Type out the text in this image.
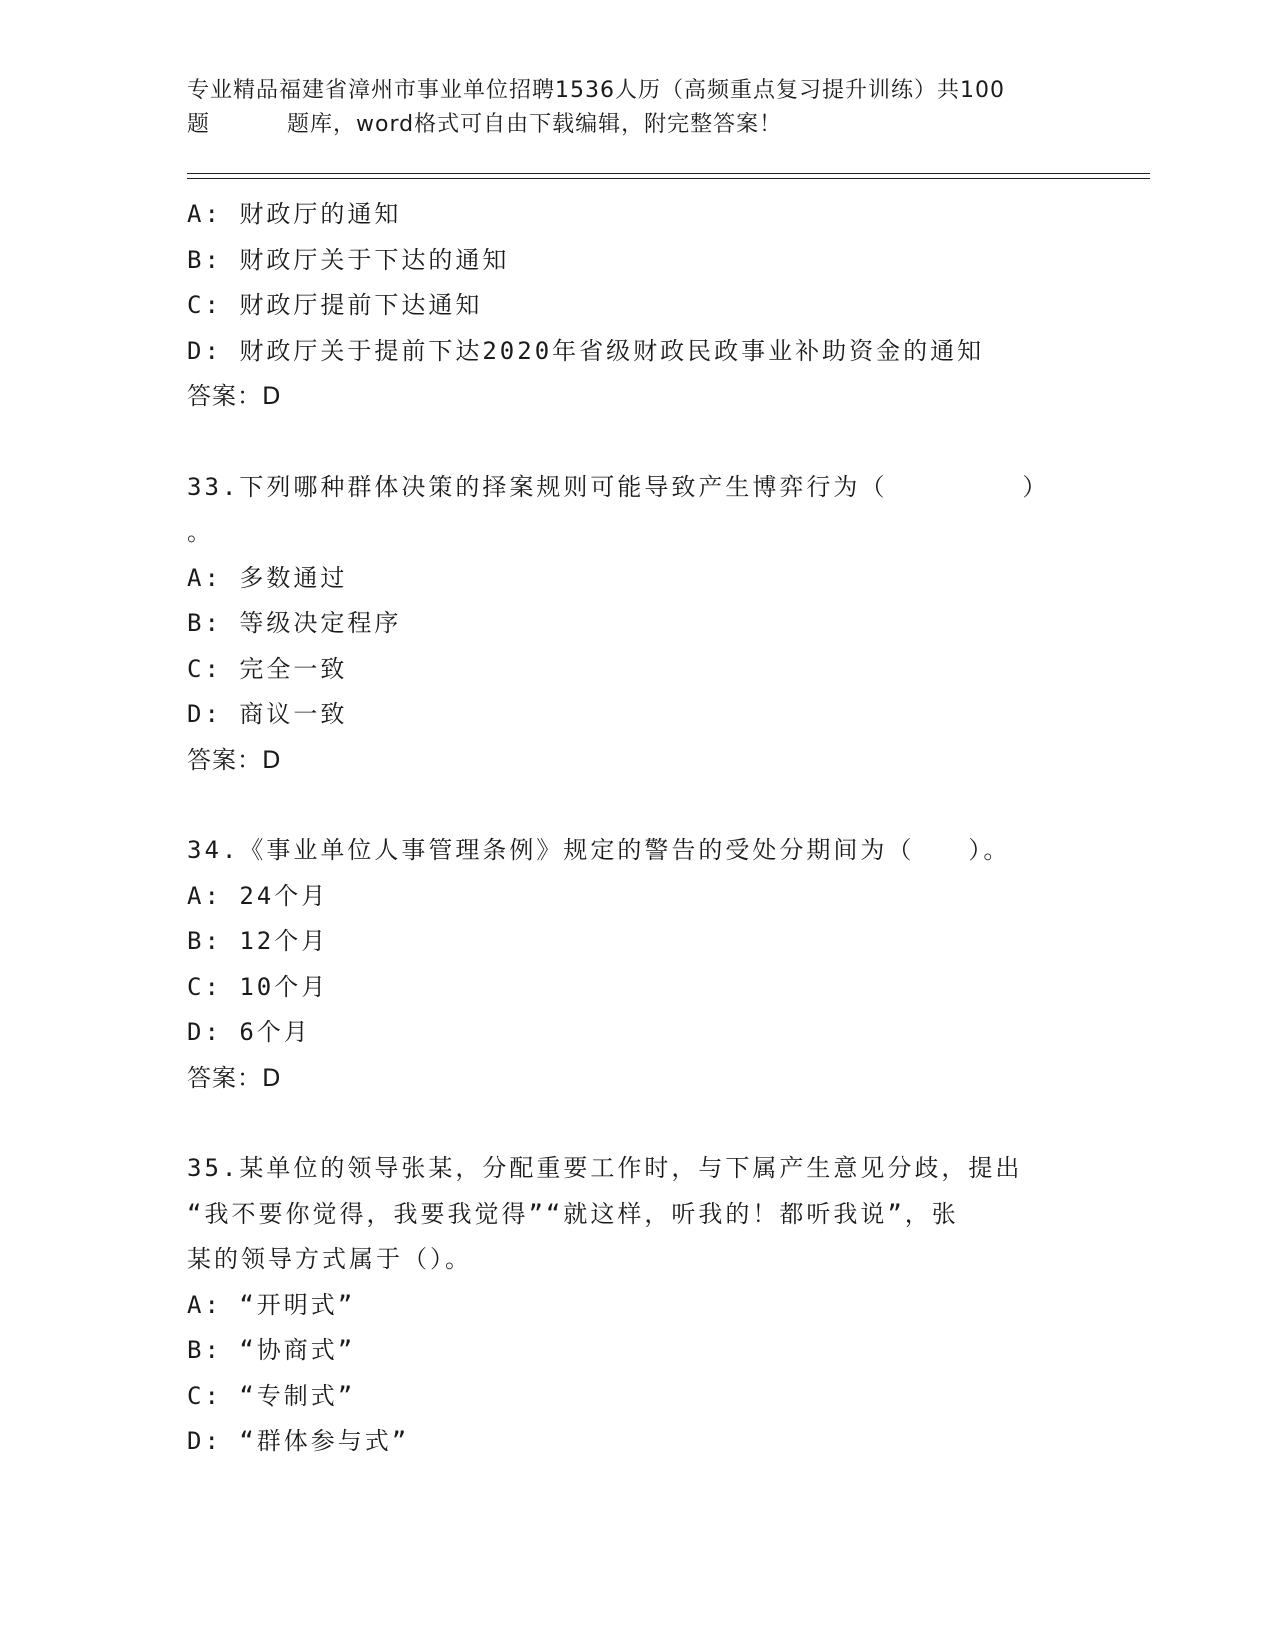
专业精品福建省漳州市事业单位招聘1536人历（高频重点复习提升训练）共100
题	题库，word格式可自由下载编辑，附完整答案！
A: 财政厅的通知
B: 财政厅关于下达的通知
C: 财政厅提前下达通知
D: 财政厅关于提前下达2020年省级财政民政事业补助资金的通知
答案：D
33.下列哪种群体决策的择案规则可能导致产生博弈行为（　　　　　）
。
A: 多数通过
B: 等级决定程序
C: 完全一致
D: 商议一致
答案：D
34.《事业单位人事管理条例》规定的警告的受处分期间为（　　）。
A: 24个月
B: 12个月
C: 10个月
D: 6个月
答案：D
35.某单位的领导张某，分配重要工作时，与下属产生意见分歧，提出
“我不要你觉得，我要我觉得”“就这样，听我的！都听我说”，张
某的领导方式属于（）。
A: “开明式”
B: “协商式”
C: “专制式”
D: “群体参与式”
